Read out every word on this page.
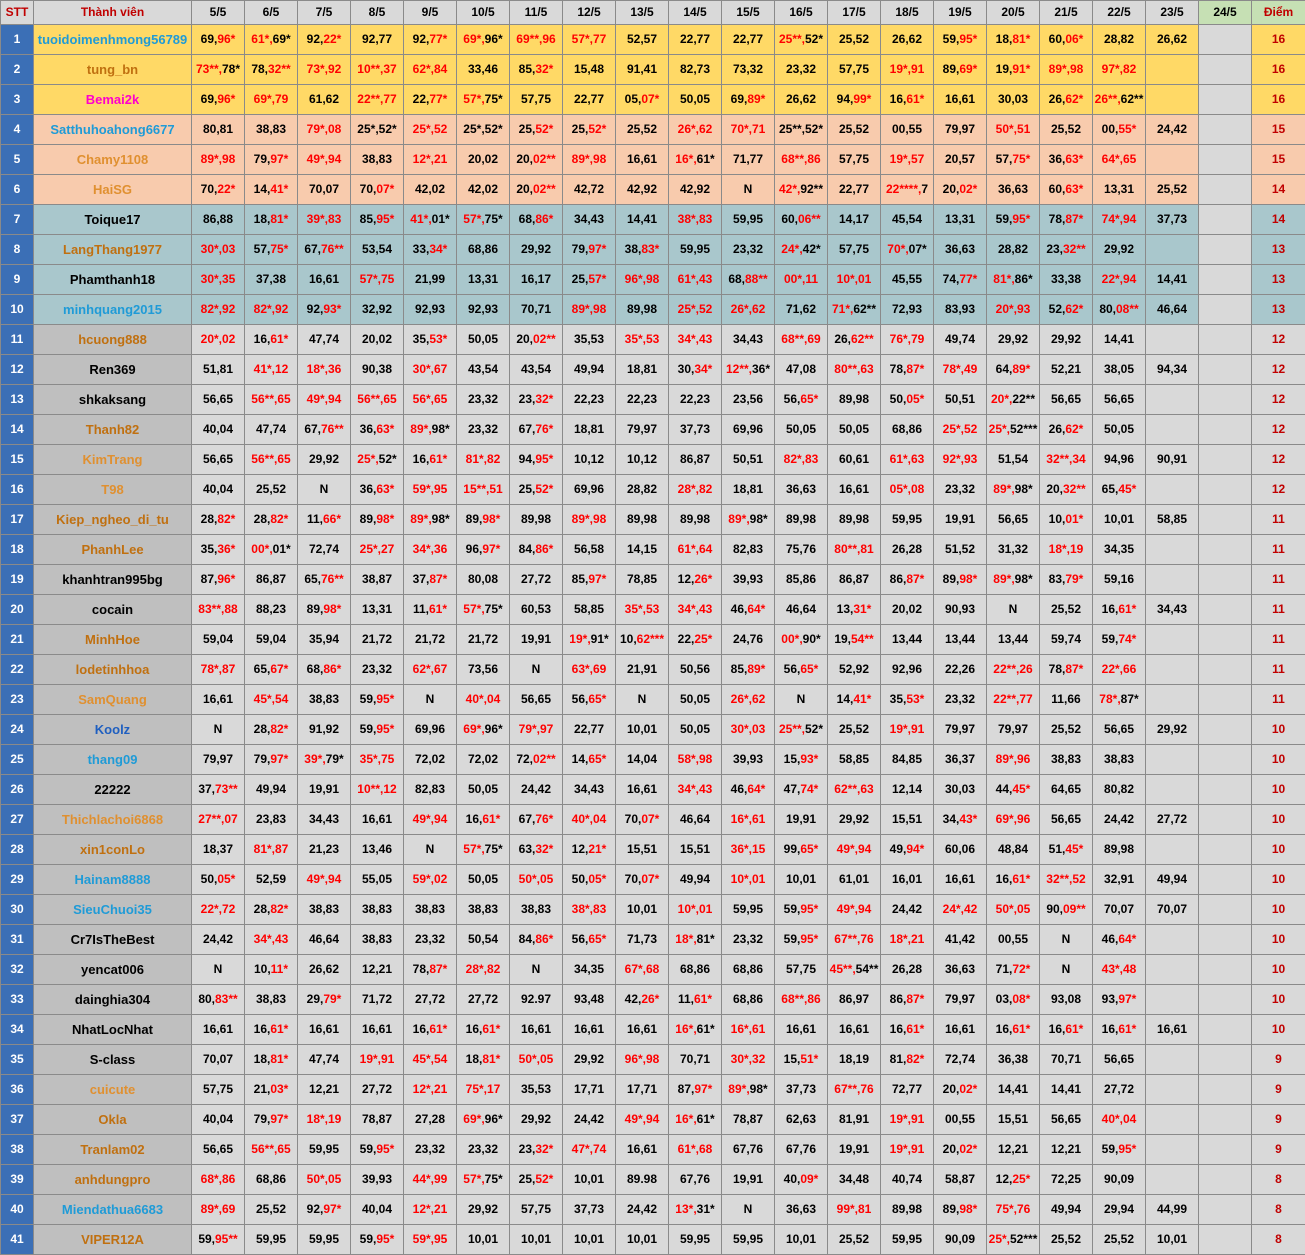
STT	Thành viên	5/5	6/5	7/5	8/5	9/5	10/5	11/5	12/5	13/5	14/5	15/5	16/5	17/5	18/5	19/5	20/5	21/5	22/5	23/5	24/5	Điểm
1	tuoidoimenhmong56789	69,96*	61*,69*	92,22*	92,77	92,77*	69*,96*	69**,96	57*,77	52,57	22,77	22,77	25**,52*	25,52	26,62	59,95*	18,81*	60,06*	28,82	26,62		16
2	tung_bn	73**,78*	78,32**	73*,92	10**,37	62*,84	33,46	85,32*	15,48	91,41	82,73	73,32	23,32	57,75	19*,91	89,69*	19,91*	89*,98	97*,82			16
3	Bemai2k	69,96*	69*,79	61,62	22**,77	22,77*	57*,75*	57,75	22,77	05,07*	50,05	69,89*	26,62	94,99*	16,61*	16,61	30,03	26,62*	26**,62**			16
4	Satthuhoahong6677	80,81	38,83	79*,08	25*,52*	25*,52	25*,52*	25,52*	25,52*	25,52	26*,62	70*,71	25**,52*	25,52	00,55	79,97	50*,51	25,52	00,55*	24,42		15
5	Chamy1108	89*,98	79,97*	49*,94	38,83	12*,21	20,02	20,02**	89*,98	16,61	16*,61*	71,77	68**,86	57,75	19*,57	20,57	57,75*	36,63*	64*,65			15
6	HaiSG	70,22*	14,41*	70,07	70,07*	42,02	42,02	20,02**	42,72	42,92	42,92	N	42*,92**	22,77	22****,7	20,02*	36,63	60,63*	13,31	25,52		14
7	Toique17	86,88	18,81*	39*,83	85,95*	41*,01*	57*,75*	68,86*	34,43	14,41	38*,83	59,95	60,06**	14,17	45,54	13,31	59,95*	78,87*	74*,94	37,73		14
8	LangThang1977	30*,03	57,75*	67,76**	53,54	33,34*	68,86	29,92	79,97*	38,83*	59,95	23,32	24*,42*	57,75	70*,07*	36,63	28,82	23,32**	29,92			13
9	Phamthanh18	30*,35	37,38	16,61	57*,75	21,99	13,31	16,17	25,57*	96*,98	61*,43	68,88**	00*,11	10*,01	45,55	74,77*	81*,86*	33,38	22*,94	14,41		13
10	minhquang2015	82*,92	82*,92	92,93*	32,92	92,93	92,93	70,71	89*,98	89,98	25*,52	26*,62	71,62	71*,62**	72,93	83,93	20*,93	52,62*	80,08**	46,64		13
11	hcuong888	20*,02	16,61*	47,74	20,02	35,53*	50,05	20,02**	35,53	35*,53	34*,43	34,43	68**,69	26,62**	76*,79	49,74	29,92	29,92	14,41			12
12	Ren369	51,81	41*,12	18*,36	90,38	30*,67	43,54	43,54	49,94	18,81	30,34*	12**,36*	47,08	80**,63	78,87*	78*,49	64,89*	52,21	38,05	94,34		12
13	shkaksang	56,65	56**,65	49*,94	56**,65	56*,65	23,32	23,32*	22,23	22,23	22,23	23,56	56,65*	89,98	50,05*	50,51	20*,22**	56,65	56,65			12
14	Thanh82	40,04	47,74	67,76**	36,63*	89*,98*	23,32	67,76*	18,81	79,97	37,73	69,96	50,05	50,05	68,86	25*,52	25*,52***	26,62*	50,05			12
15	KimTrang	56,65	56**,65	29,92	25*,52*	16,61*	81*,82	94,95*	10,12	10,12	86,87	50,51	82*,83	60,61	61*,63	92*,93	51,54	32**,34	94,96	90,91		12
16	T98	40,04	25,52	N	36,63*	59*,95	15**,51	25,52*	69,96	28,82	28*,82	18,81	36,63	16,61	05*,08	23,32	89*,98*	20,32**	65,45*			12
17	Kiep_ngheo_di_tu	28,82*	28,82*	11,66*	89,98*	89*,98*	89,98*	89,98	89*,98	89,98	89,98	89*,98*	89,98	89,98	59,95	19,91	56,65	10,01*	10,01	58,85		11
18	PhanhLee	35,36*	00*,01*	72,74	25*,27	34*,36	96,97*	84,86*	56,58	14,15	61*,64	82,83	75,76	80**,81	26,28	51,52	31,32	18*,19	34,35			11
19	khanhtran995bg	87,96*	86,87	65,76**	38,87	37,87*	80,08	27,72	85,97*	78,85	12,26*	39,93	85,86	86,87	86,87*	89,98*	89*,98*	83,79*	59,16			11
20	cocain	83**,88	88,23	89,98*	13,31	11,61*	57*,75*	60,53	58,85	35*,53	34*,43	46,64*	46,64	13,31*	20,02	90,93	N	25,52	16,61*	34,43		11
21	MinhHoe	59,04	59,04	35,94	21,72	21,72	21,72	19,91	19*,91*	10,62***	22,25*	24,76	00*,90*	19,54**	13,44	13,44	13,44	59,74	59,74*			11
22	lodetinhhoa	78*,87	65,67*	68,86*	23,32	62*,67	73,56	N	63*,69	21,91	50,56	85,89*	56,65*	52,92	92,96	22,26	22**,26	78,87*	22*,66			11
23	SamQuang	16,61	45*,54	38,83	59,95*	N	40*,04	56,65	56,65*	N	50,05	26*,62	N	14,41*	35,53*	23,32	22**,77	11,66	78*,87*			11
24	Koolz	N	28,82*	91,92	59,95*	69,96	69*,96*	79*,97	22,77	10,01	50,05	30*,03	25**,52*	25,52	19*,91	79,97	79,97	25,52	56,65	29,92		10
25	thang09	79,97	79,97*	39*,79*	35*,75	72,02	72,02	72,02**	14,65*	14,04	58*,98	39,93	15,93*	58,85	84,85	36,37	89*,96	38,83	38,83			10
26	22222	37,73**	49,94	19,91	10**,12	82,83	50,05	24,42	34,43	16,61	34*,43	46,64*	47,74*	62**,63	12,14	30,03	44,45*	64,65	80,82			10
27	Thichlachoi6868	27**,07	23,83	34,43	16,61	49*,94	16,61*	67,76*	40*,04	70,07*	46,64	16*,61	19,91	29,92	15,51	34,43*	69*,96	56,65	24,42	27,72		10
28	xin1conLo	18,37	81*,87	21,23	13,46	N	57*,75*	63,32*	12,21*	15,51	15,51	36*,15	99,65*	49*,94	49,94*	60,06	48,84	51,45*	89,98			10
29	Hainam8888	50,05*	52,59	49*,94	55,05	59*,02	50,05	50*,05	50,05*	70,07*	49,94	10*,01	10,01	61,01	16,01	16,61	16,61*	32**,52	32,91	49,94		10
30	SieuChuoi35	22*,72	28,82*	38,83	38,83	38,83	38,83	38,83	38*,83	10,01	10*,01	59,95	59,95*	49*,94	24,42	24*,42	50*,05	90,09**	70,07	70,07		10
31	Cr7IsTheBest	24,42	34*,43	46,64	38,83	23,32	50,54	84,86*	56,65*	71,73	18*,81*	23,32	59,95*	67**,76	18*,21	41,42	00,55	N	46,64*			10
32	yencat006	N	10,11*	26,62	12,21	78,87*	28*,82	N	34,35	67*,68	68,86	68,86	57,75	45**,54**	26,28	36,63	71,72*	N	43*,48			10
33	dainghia304	80,83**	38,83	29,79*	71,72	27,72	27,72	92.97	93,48	42,26*	11,61*	68,86	68**,86	86,97	86,87*	79,97	03,08*	93,08	93,97*			10
34	NhatLocNhat	16,61	16,61*	16,61	16,61	16,61*	16,61*	16,61	16,61	16,61	16*,61*	16*,61	16,61	16,61	16,61*	16,61	16,61*	16,61*	16,61*	16,61		10
35	S-class	70,07	18,81*	47,74	19*,91	45*,54	18,81*	50*,05	29,92	96*,98	70,71	30*,32	15,51*	18,19	81,82*	72,74	36,38	70,71	56,65			9
36	cuicute	57,75	21,03*	12,21	27,72	12*,21	75*,17	35,53	17,71	17,71	87,97*	89*,98*	37,73	67**,76	72,77	20,02*	14,41	14,41	27,72			9
37	Okla	40,04	79,97*	18*,19	78,87	27,28	69*,96*	29,92	24,42	49*,94	16*,61*	78,87	62,63	81,91	19*,91	00,55	15,51	56,65	40*,04			9
38	Tranlam02	56,65	56**,65	59,95	59,95*	23,32	23,32	23,32*	47*,74	16,61	61*,68	67,76	67,76	19,91	19*,91	20,02*	12,21	12,21	59,95*			9
39	anhdungpro	68*,86	68,86	50*,05	39,93	44*,99	57*,75*	25,52*	10,01	89.98	67,76	19,91	40,09*	34,48	40,74	58,87	12,25*	72,25	90,09			8
40	Miendathua6683	89*,69	25,52	92,97*	40,04	12*,21	29,92	57,75	37,73	24,42	13*,31*	N	36,63	99*,81	89,98	89,98*	75*,76	49,94	29,94	44,99		8
41	VIPER12A	59,95**	59,95	59,95	59,95*	59*,95	10,01	10,01	10,01	10,01	59,95	59,95	10,01	25,52	59,95	90,09	25*,52***	25,52	25,52	10,01		8
